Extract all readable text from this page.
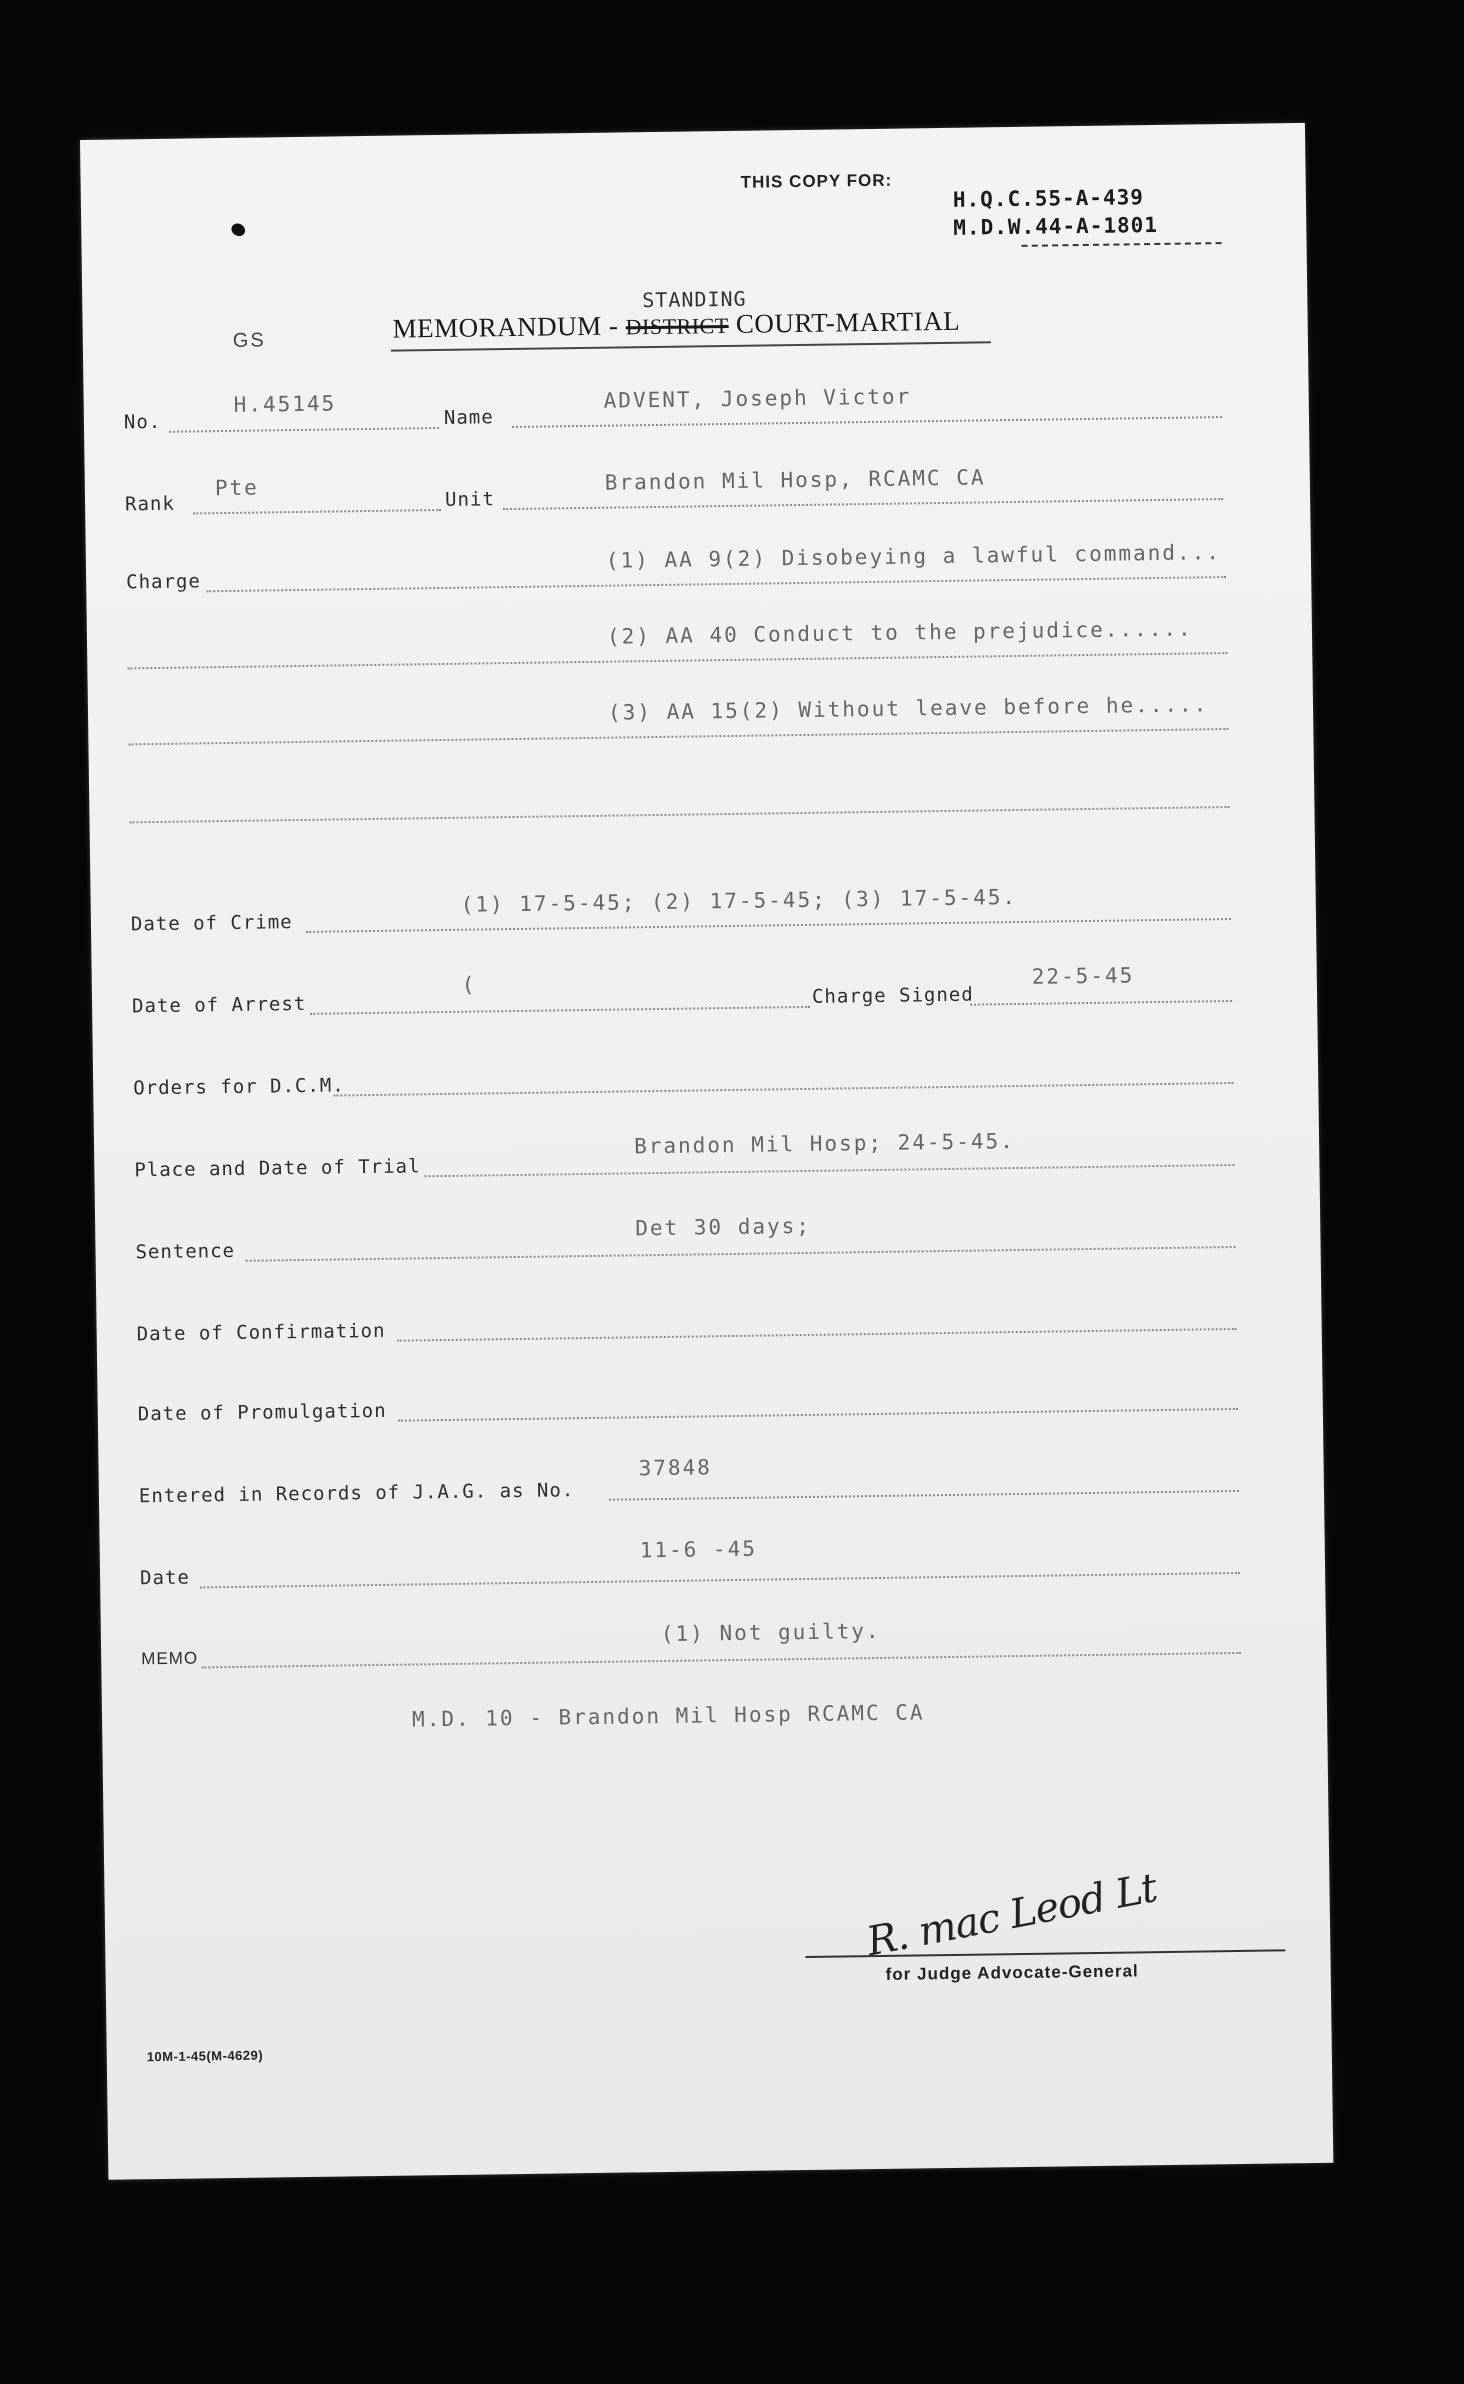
THIS COPY FOR:
H.Q.C.55-A-439
M.D.W.44-A-1801
GS
STANDING
MEMORANDUM - DISTRICT COURT-MARTIAL
No.
H.45145
Name
ADVENT, Joseph Victor
Rank
Pte	Unit
Brandon Mil Hosp, RCAMC CA
Charge
(1) AA 9(2) Disobeying a lawful command...
(2) AA 40 Conduct to the prejudice......
(3) AA 15(2) Without leave before he.....
Date of Crime
(1) 17-5-45; (2) 17-5-45; (3) 17-5-45.
Date of Arrest
(	Charge Signed
22-5-45
Orders for D.C.M.
Place and Date of Trial
Brandon Mil Hosp; 24-5-45.
Sentence
Det 30 days;
Date of Confirmation
Date of Promulgation
Entered in Records of J.A.G. as No.
37848
Date
11-6 -45
MEMO
(1) Not guilty.
M.D. 10 - Brandon Mil Hosp RCAMC CA
R. mac Leod Lt
for Judge Advocate-General
10M-1-45(M-4629)
